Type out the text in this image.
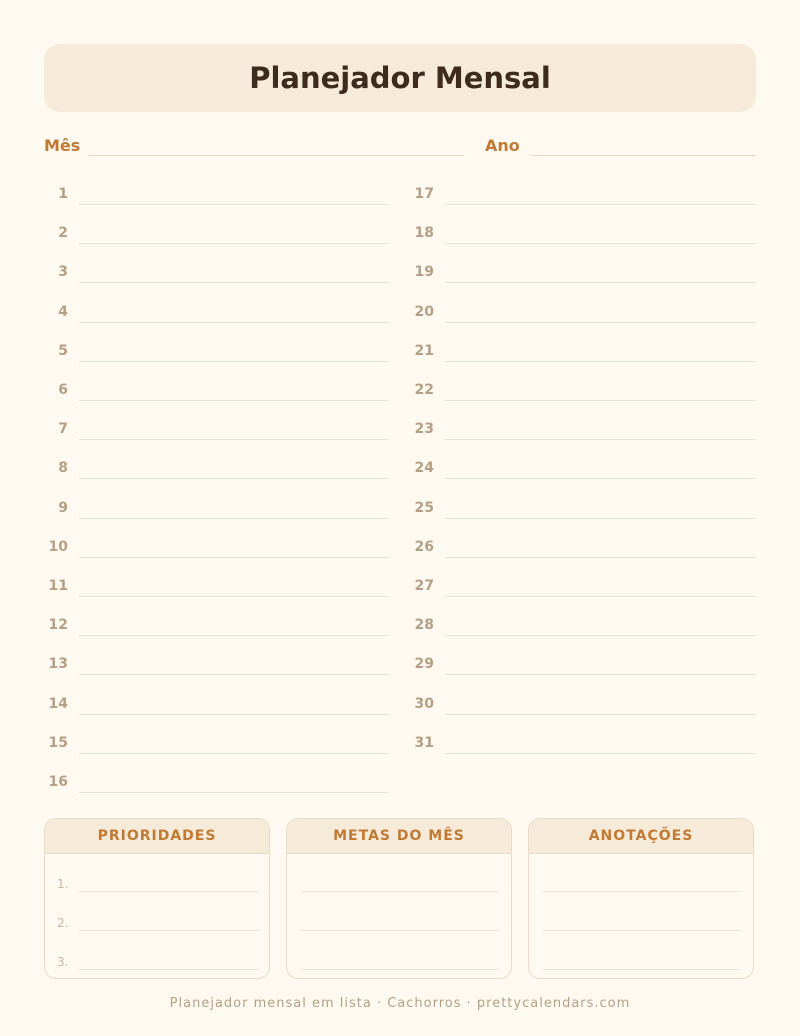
Planejador Mensal
Mês	Ano
1
2
3
4
5
6
7
8
9
10
11
12
13
14
15
16
17
18
19
20
21
22
23
24
25
26
27
28
29
30
31
PRIORIDADES
1.
2.
3.
METAS DO MÊS	ANOTAÇÕES
Planejador mensal em lista · Cachorros · prettycalendars.com
